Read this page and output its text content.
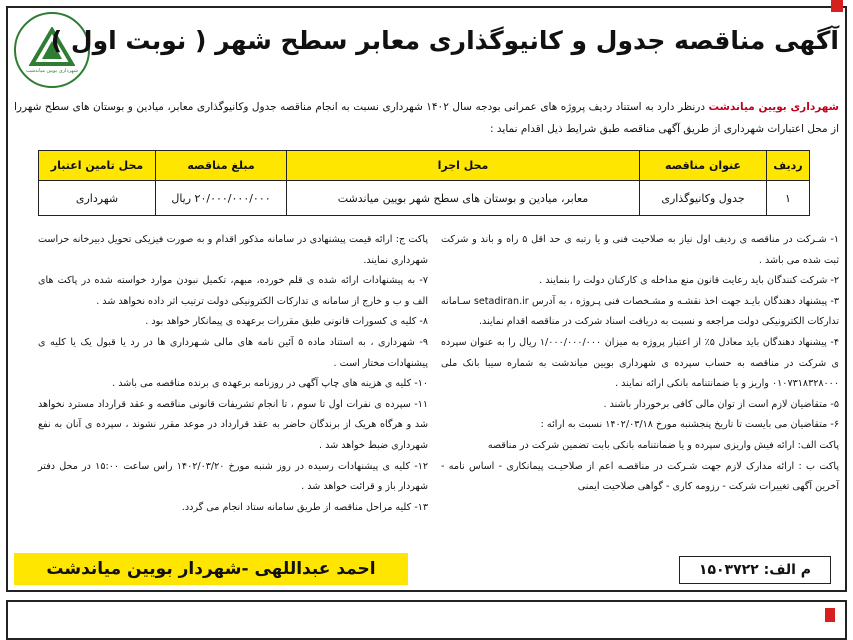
شهرداری بویین میاندشت
آگهی مناقصه جدول و کانیوگذاری معابر سطح شهر ( نوبت اول )
شهرداری بویین میاندشت درنظر دارد به استناد ردیف پروژه های عمرانی بودجه سال ۱۴۰۲ شهرداری نسبت به انجام مناقصه جدول وکانیوگذاری معابر، میادین و بوستان های سطح شهررا از محل اعتبارات شهرداری از طریق آگهی مناقصه طبق شرایط ذیل اقدام نماید :
ردیف	عنوان مناقصه	محل اجرا	مبلغ مناقصه	محل تامین اعتبار
۱	جدول وکانیوگذاری	معابر، میادین و بوستان های سطح شهر بویین میاندشت	۲۰/۰۰۰/۰۰۰/۰۰۰ ریال	شهرداری

۱- شـرکت در مناقصه ی ردیف اول نیاز به صلاحیت فنی و یا رتبه ی حد اقل ۵ راه و باند و شرکت ثبت شده می باشد .

۲- شرکت کنندگان باید رعایت قانون منع مداخله ی کارکنان دولت را بنمایند .

۳- پیشنهاد دهندگان بایـد جهت اخذ نقشـه و مشـخصات فنی پـروژه ، به آدرس setadiran.ir سـامانه تدارکات الکترونیکی دولت مراجعه و نسبت به دریافت اسناد شرکت در مناقصه اقدام نمایند.

۴- پیشنهاد دهندگان باید معادل ۵٪ از اعتبار پروژه به میزان ۱/۰۰۰/۰۰۰/۰۰۰ ریال را به عنوان سپرده ی شرکت در مناقصه به حساب سپرده ی شهرداری بویین میاندشت به شماره سیبا بانک ملی ۰۱۰۷۳۱۸۳۲۸۰۰۰ واریز و یا ضمانتنامه بانکی ارائه نمایند .

۵- متقاضیان لازم است از توان مالی کافی برخوردار باشند .

۶- متقاضیان می بایست تا تاریخ پنجشنبه مورخ ۱۴۰۲/۰۳/۱۸ نسبت به ارائه :

پاکت الف: ارائه فیش واریزی سپرده و یا ضمانتنامه بانکی بابت تضمین شرکت در مناقصه

پاکت ب : ارائه مدارک لازم جهت شـرکت در مناقصـه اعم از صلاحیـت پیمانکاری - اساس نامه - آخرین آگهی تغییرات شرکت - رزومه کاری - گواهی صلاحیت ایمنی

پاکت ج: ارائه قیمت پیشنهادی در سامانه مذکور اقدام و به صورت فیزیکی تحویل دبیرخانه حراست شهرداری نمایند.

۷- به پیشنهادات ارائه شده ی قلم خورده، مبهم، تکمیل نبودن موارد خواسته شده در پاکت های الف و ب و خارج از سامانه ی تدارکات الکترونیکی دولت ترتیب اثر داده نخواهد شد .

۸- کلیه ی کسورات قانونی طبق مقررات برعهده ی پیمانکار خواهد بود .

۹- شهرداری ، به استناد ماده ۵ آئین نامه های مالی شـهرداری ها در رد یا قبول یک یا کلیه ی پیشنهادات مختار است .

۱۰- کلیه ی هزینه های چاپ آگهی در روزنامه برعهده ی برنده مناقصه می باشد .

۱۱- سپرده ی نفرات اول تا سوم ، تا انجام تشریفات قانونی مناقصه و عقد قرارداد مسترد نخواهد شد و هرگاه هریک از برندگان حاضر به عقد قرارداد در موعد مقرر نشوند ، سپرده ی آنان به نفع شهرداری ضبط خواهد شد .

۱۲- کلیه ی پیشنهادات رسیده در روز شنبه مورخ ۱۴۰۲/۰۳/۲۰ راس ساعت ۱۵:۰۰ در محل دفتر شهردار باز و قرائت خواهد شد .

۱۳- کلیه مراحل مناقصه از طریق سامانه ستاد انجام می گردد.

احمد عبداللهی -شهردار بویین میاندشت	م الف: ۱۵۰۳۷۲۲
